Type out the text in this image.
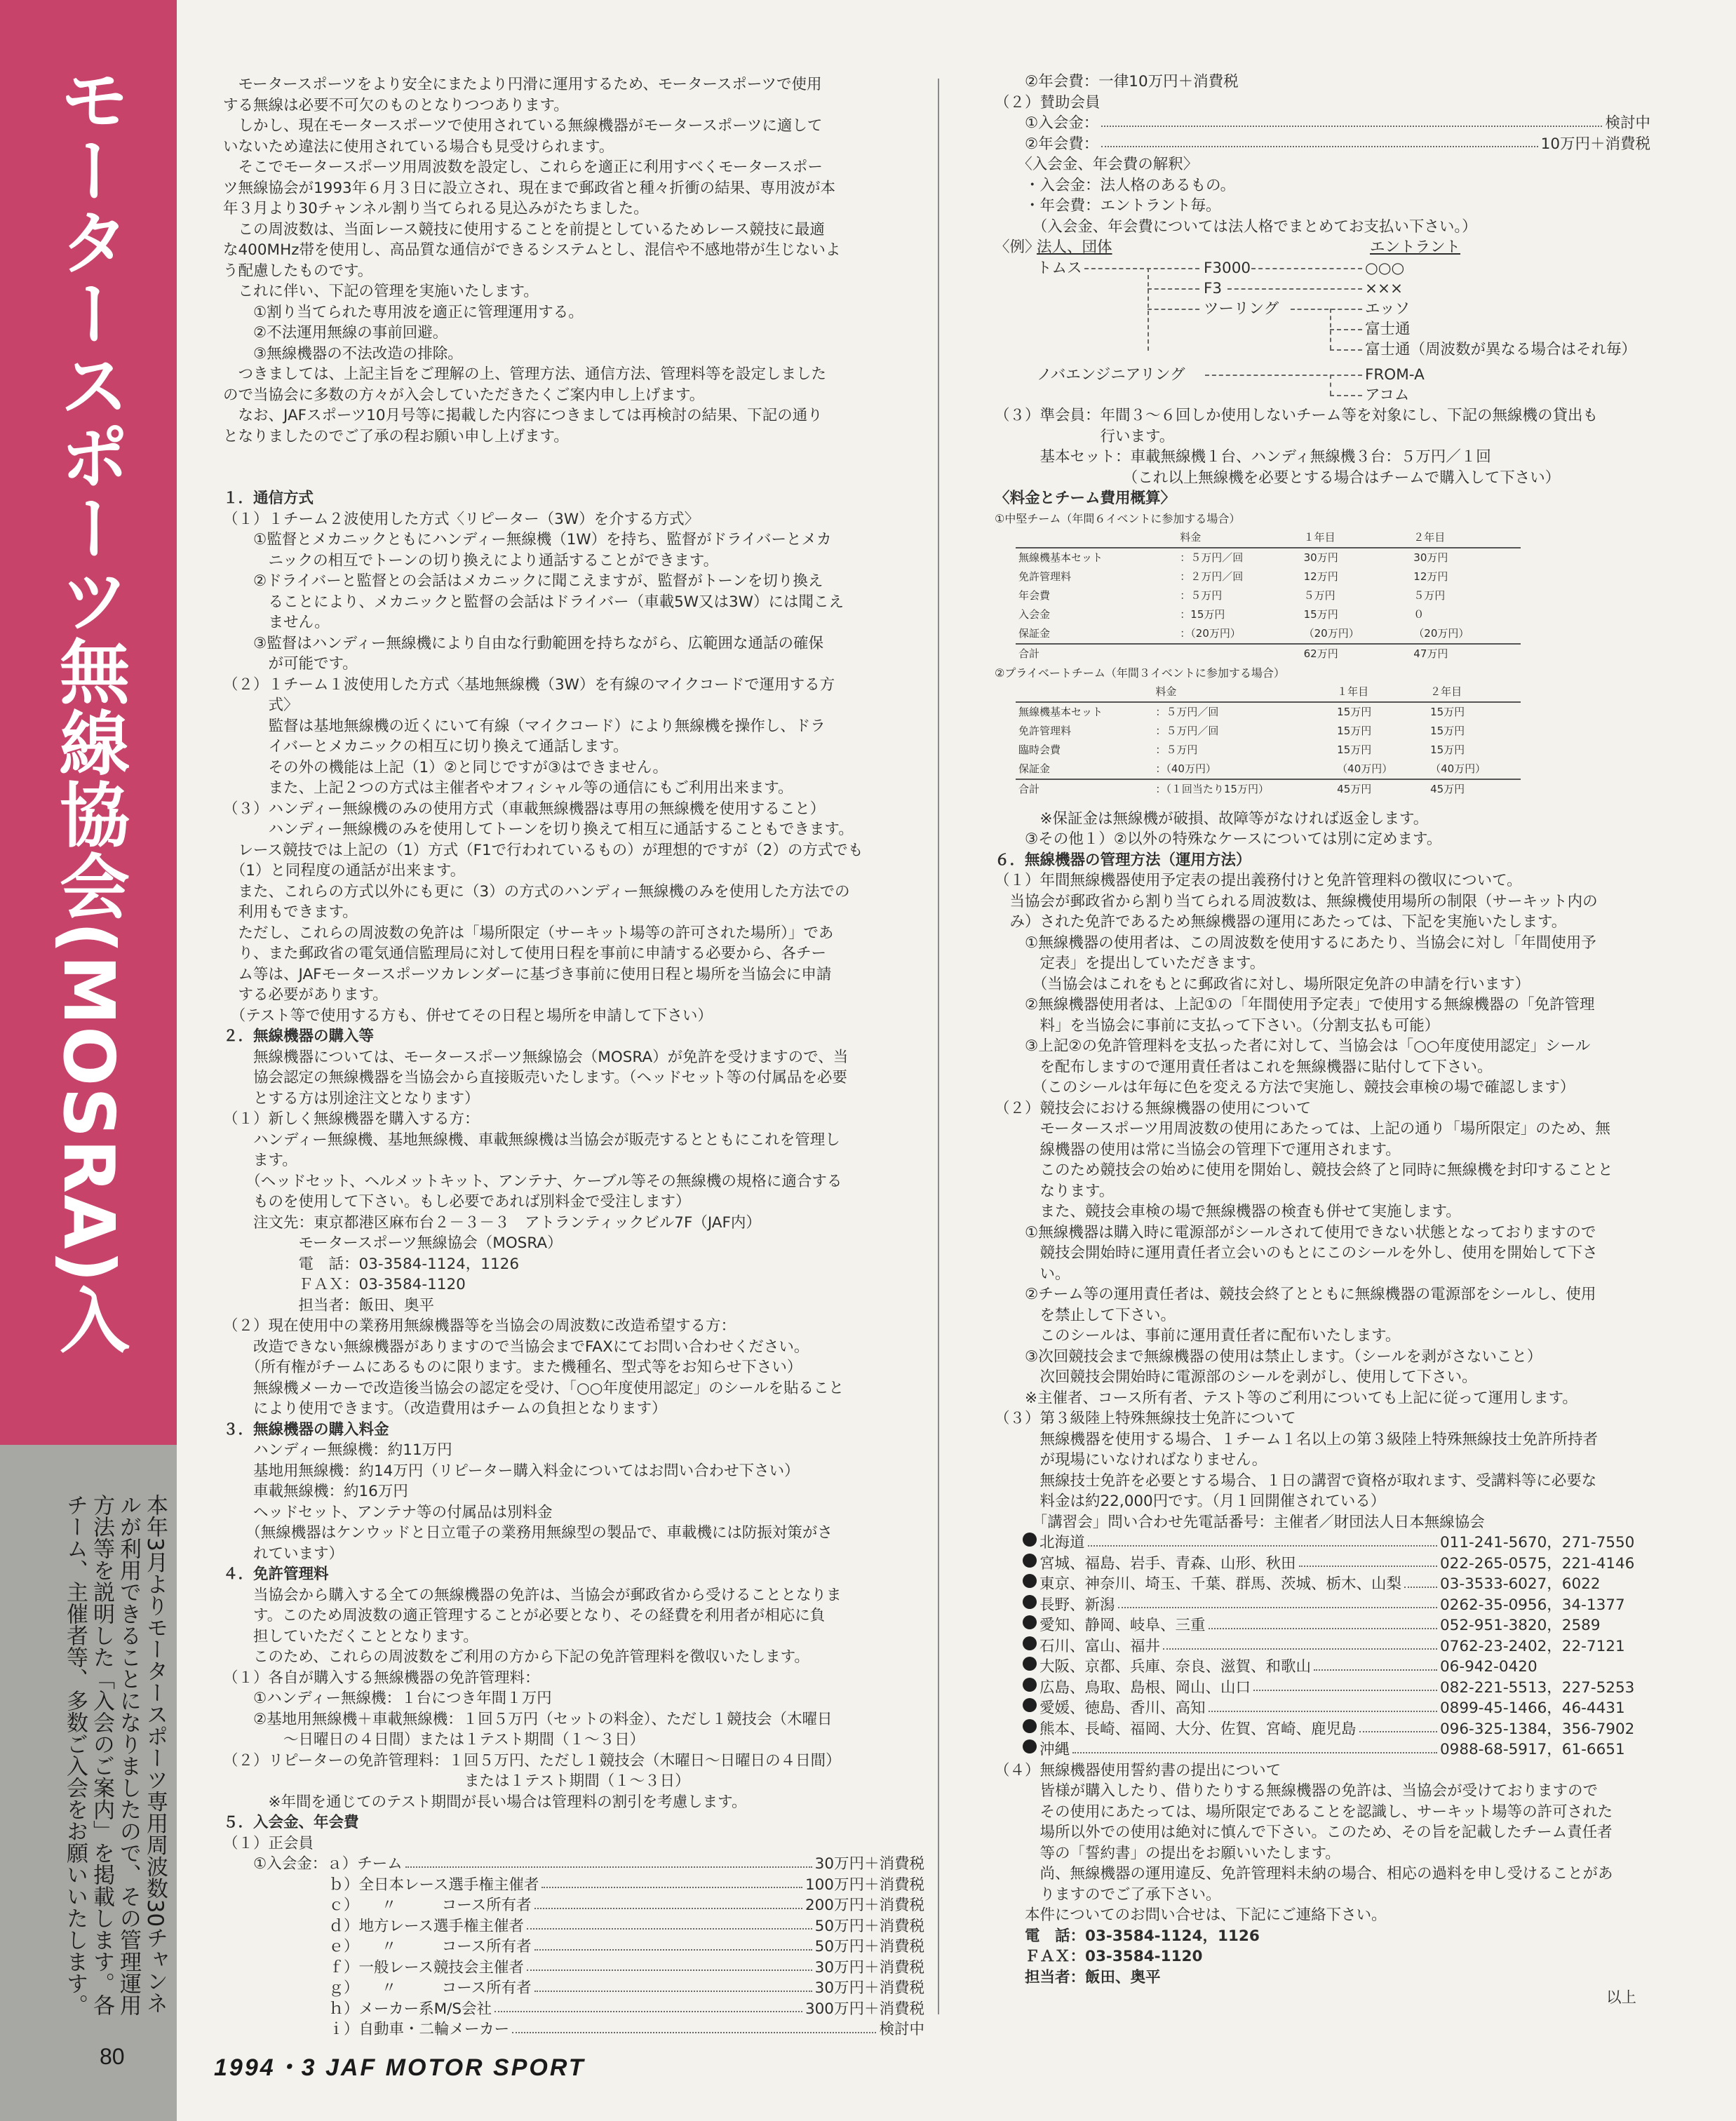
モータースポーツ無線協会(MOSRA)入
本年3月よりモータースポーツ専用周波数30チャンネルが利用できることになりましたので、その管理運用方法等を説明した「入会のご案内」を掲載します。各チーム、主催者等、多数ご入会をお願いいたします。
80	1994・3 JAF MOTOR SPORT

　モータースポーツをより安全にまたより円滑に運用するため、モータースポーツで使用

する無線は必要不可欠のものとなりつつあります。

　しかし、現在モータースポーツで使用されている無線機器がモータースポーツに適して

いないため違法に使用されている場合も見受けられます。

　そこでモータースポーツ用周波数を設定し、これらを適正に利用すべくモータースポー

ツ無線協会が1993年６月３日に設立され、現在まで郵政省と種々折衝の結果、専用波が本

年３月より30チャンネル割り当てられる見込みがたちました。

　この周波数は、当面レース競技に使用することを前提としているためレース競技に最適

な400MHz帯を使用し、高品質な通信ができるシステムとし、混信や不感地帯が生じないよ

う配慮したものです。

　これに伴い、下記の管理を実施いたします。

　　①割り当てられた専用波を適正に管理運用する。

　　②不法運用無線の事前回避。

　　③無線機器の不法改造の排除。

　つきましては、上記主旨をご理解の上、管理方法、通信方法、管理料等を設定しました

ので当協会に多数の方々が入会していただきたくご案内申し上げます。

　なお、JAFスポーツ10月号等に掲載した内容につきましては再検討の結果、下記の通り

となりましたのでご了承の程お願い申し上げます。

１．通信方式

（１）１チーム２波使用した方式〈リピーター（3W）を介する方式〉

　　①監督とメカニックともにハンディー無線機（1W）を持ち、監督がドライバーとメカ

　　　ニックの相互でトーンの切り換えにより通話することができます。

　　②ドライバーと監督との会話はメカニックに聞こえますが、監督がトーンを切り換え

　　　ることにより、メカニックと監督の会話はドライバー（車載5W又は3W）には聞こえ

　　　ません。

　　③監督はハンディー無線機により自由な行動範囲を持ちながら、広範囲な通話の確保

　　　が可能です。

（２）１チーム１波使用した方式〈基地無線機（3W）を有線のマイクコードで運用する方

　　　式〉

　　　監督は基地無線機の近くにいて有線（マイクコード）により無線機を操作し、ドラ

　　　イバーとメカニックの相互に切り換えて通話します。

　　　その外の機能は上記（1）②と同じですが③はできません。

　　　また、上記２つの方式は主催者やオフィシャル等の通信にもご利用出来ます。

（３）ハンディー無線機のみの使用方式（車載無線機器は専用の無線機を使用すること）

　　　ハンディー無線機のみを使用してトーンを切り換えて相互に通話することもできます。

　レース競技では上記の（1）方式（F1で行われているもの）が理想的ですが（2）の方式でも

　（1）と同程度の通話が出来ます。

　また、これらの方式以外にも更に（3）の方式のハンディー無線機のみを使用した方法での

　利用もできます。

　ただし、これらの周波数の免許は「場所限定（サーキット場等の許可された場所）」であ

　り、また郵政省の電気通信監理局に対して使用日程を事前に申請する必要から、各チー

　ム等は、JAFモータースポーツカレンダーに基づき事前に使用日程と場所を当協会に申請

　する必要があります。

　（テスト等で使用する方も、併せてその日程と場所を申請して下さい）

２．無線機器の購入等

　　無線機器については、モータースポーツ無線協会（MOSRA）が免許を受けますので、当

　　協会認定の無線機器を当協会から直接販売いたします。（ヘッドセット等の付属品を必要

　　とする方は別途注文となります）

（１）新しく無線機器を購入する方：

　　ハンディー無線機、基地無線機、車載無線機は当協会が販売するとともにこれを管理し

　　ます。

　　（ヘッドセット、ヘルメットキット、アンテナ、ケーブル等その無線機の規格に適合する

　　ものを使用して下さい。もし必要であれば別料金で受注します）

　　注文先：東京都港区麻布台２－３－３　アトランティックビル7F（JAF内）

　　　　　モータースポーツ無線協会（MOSRA）

　　　　　電　話：03-3584-1124，1126

　　　　　ＦＡＸ：03-3584-1120

　　　　　担当者：飯田、奥平

（２）現在使用中の業務用無線機器等を当協会の周波数に改造希望する方：

　　改造できない無線機器がありますので当協会までFAXにてお問い合わせください。

　　（所有権がチームにあるものに限ります。また機種名、型式等をお知らせ下さい）

　　無線機メーカーで改造後当協会の認定を受け、「○○年度使用認定」のシールを貼ること

　　により使用できます。（改造費用はチームの負担となります）

３．無線機器の購入料金

　　ハンディー無線機：約11万円

　　基地用無線機：約14万円（リピーター購入料金についてはお問い合わせ下さい）

　　車載無線機：約16万円

　　ヘッドセット、アンテナ等の付属品は別料金

　　（無線機器はケンウッドと日立電子の業務用無線型の製品で、車載機には防振対策がさ

　　れています）

４．免許管理料

　　当協会から購入する全ての無線機器の免許は、当協会が郵政省から受けることとなりま

　　す。このため周波数の適正管理することが必要となり、その経費を利用者が相応に負

　　担していただくこととなります。

　　このため、これらの周波数をご利用の方から下記の免許管理料を徴収いたします。

（１）各自が購入する無線機器の免許管理料：

　　①ハンディー無線機：１台につき年間１万円

　　②基地用無線機＋車載無線機：１回５万円（セットの料金）、ただし１競技会（木曜日

　　　　～日曜日の４日間）または１テスト期間（１～３日）

（２）リピーターの免許管理料：１回５万円、ただし１競技会（木曜日～日曜日の４日間）

　　　　　　　　　　　　　　　　または１テスト期間（１～３日）

　　　※年間を通じてのテスト期間が長い場合は管理料の割引を考慮します。

５．入会金、年会費

（１）正会員

　　①入会金：ａ）チーム	30万円＋消費税
　　　　　　　ｂ）全日本レース選手権主催者	100万円＋消費税
　　　　　　　ｃ）　　〃　　　コース所有者	200万円＋消費税
　　　　　　　ｄ）地方レース選手権主催者	50万円＋消費税
　　　　　　　ｅ）　　〃　　　コース所有者	50万円＋消費税
　　　　　　　ｆ）一般レース競技会主催者	30万円＋消費税
　　　　　　　ｇ）　　〃　　　コース所有者	30万円＋消費税
　　　　　　　ｈ）メーカー系M/S会社	300万円＋消費税
　　　　　　　ｉ）自動車・二輪メーカー	検討中

　　②年会費：一律10万円＋消費税

（２）賛助会員

　　①入会金：	検討中
　　②年会費：	10万円＋消費税

　　〈入会金、年会費の解釈〉

　　・入会金：法人格のあるもの。

　　・年会費：エントラント毎。

　　　（入会金、年会費については法人格でまとめてお支払い下さい。）

〈例〉
法人、団体	エントラント
トムス	F3000	○○○
F3	×××
ツーリング	エッソ
富士通
富士通（周波数が異なる場合はそれ毎）
ノバエンジニアリング	FROM-A
アコム

（３）準会員：年間３～６回しか使用しないチーム等を対象にし、下記の無線機の貸出も

　　　　　　　行います。

　　　基本セット：車載無線機１台、ハンディ無線機３台：５万円／１回

　　　　　　　　　（これ以上無線機を必要とする場合はチームで購入して下さい）

〈料金とチーム費用概算〉

①中堅チーム（年間６イベントに参加する場合）
	料金	１年目	２年目
無線機基本セット	：５万円／回	30万円	30万円
免許管理料	：２万円／回	12万円	12万円
年会費	：５万円	５万円	５万円
入会金	：15万円	15万円	０
保証金	：（20万円）	（20万円）	（20万円）
合計		62万円	47万円
②プライベートチーム（年間３イベントに参加する場合）
	料金	１年目	２年目
無線機基本セット	：５万円／回	15万円	15万円
免許管理料	：５万円／回	15万円	15万円
臨時会費	：５万円	15万円	15万円
保証金	：（40万円）	（40万円）	（40万円）
合計	：（１回当たり15万円）	45万円	45万円

　　　※保証金は無線機が破損、故障等がなければ返金します。

　　③その他１）②以外の特殊なケースについては別に定めます。

６．無線機器の管理方法（運用方法）

（１）年間無線機器使用予定表の提出義務付けと免許管理料の徴収について。

　当協会が郵政省から割り当てられる周波数は、無線機使用場所の制限（サーキット内の

　み）された免許であるため無線機器の運用にあたっては、下記を実施いたします。

　　①無線機器の使用者は、この周波数を使用するにあたり、当協会に対し「年間使用予

　　　定表」を提出していただきます。

　　　（当協会はこれをもとに郵政省に対し、場所限定免許の申請を行います）

　　②無線機器使用者は、上記①の「年間使用予定表」で使用する無線機器の「免許管理

　　　料」を当協会に事前に支払って下さい。（分割支払も可能）

　　③上記②の免許管理料を支払った者に対して、当協会は「○○年度使用認定」シール

　　　を配布しますので運用責任者はこれを無線機器に貼付して下さい。

　　　（このシールは年毎に色を変える方法で実施し、競技会車検の場で確認します）

（２）競技会における無線機器の使用について

　　　モータースポーツ用周波数の使用にあたっては、上記の通り「場所限定」のため、無

　　　線機器の使用は常に当協会の管理下で運用されます。

　　　このため競技会の始めに使用を開始し、競技会終了と同時に無線機を封印することと

　　　なります。

　　　また、競技会車検の場で無線機器の検査も併せて実施します。

　　①無線機器は購入時に電源部がシールされて使用できない状態となっておりますので

　　　競技会開始時に運用責任者立会いのもとにこのシールを外し、使用を開始して下さ

　　　い。

　　②チーム等の運用責任者は、競技会終了とともに無線機器の電源部をシールし、使用

　　　を禁止して下さい。

　　　このシールは、事前に運用責任者に配布いたします。

　　③次回競技会まで無線機器の使用は禁止します。（シールを剥がさないこと）

　　　次回競技会開始時に電源部のシールを剥がし、使用して下さい。

　　※主催者、コース所有者、テスト等のご利用についても上記に従って運用します。

（３）第３級陸上特殊無線技士免許について

　　　無線機器を使用する場合、１チーム１名以上の第３級陸上特殊無線技士免許所持者

　　　が現場にいなければなりません。

　　　無線技士免許を必要とする場合、１日の講習で資格が取れます、受講料等に必要な

　　　料金は約22,000円です。（月１回開催されている）

　　　「講習会」問い合わせ先電話番号：主催者／財団法人日本無線協会

北海道	011-241-5670，271-7550
宮城、福島、岩手、青森、山形、秋田	022-265-0575，221-4146
東京、神奈川、埼玉、千葉、群馬、茨城、栃木、山梨	03-3533-6027，6022
長野、新潟	0262-35-0956，34-1377
愛知、静岡、岐阜、三重	052-951-3820，2589
石川、富山、福井	0762-23-2402，22-7121
大阪、京都、兵庫、奈良、滋賀、和歌山	06-942-0420
広島、鳥取、島根、岡山、山口	082-221-5513，227-5253
愛媛、徳島、香川、高知	0899-45-1466，46-4431
熊本、長崎、福岡、大分、佐賀、宮崎、鹿児島	096-325-1384，356-7902
沖縄	0988-68-5917，61-6651

（４）無線機器使用誓約書の提出について

　　　皆様が購入したり、借りたりする無線機器の免許は、当協会が受けておりますので

　　　その使用にあたっては、場所限定であることを認識し、サーキット場等の許可された

　　　場所以外での使用は絶対に慎んで下さい。このため、その旨を記載したチーム責任者

　　　等の「誓約書」の提出をお願いいたします。

　　　尚、無線機器の運用違反、免許管理料未納の場合、相応の過料を申し受けることがあ

　　　りますのでご了承下さい。

　　本件についてのお問い合せは、下記にご連絡下さい。

　　電　話：03-3584-1124，1126

　　ＦＡＸ：03-3584-1120

　　担当者：飯田、奥平

以上
